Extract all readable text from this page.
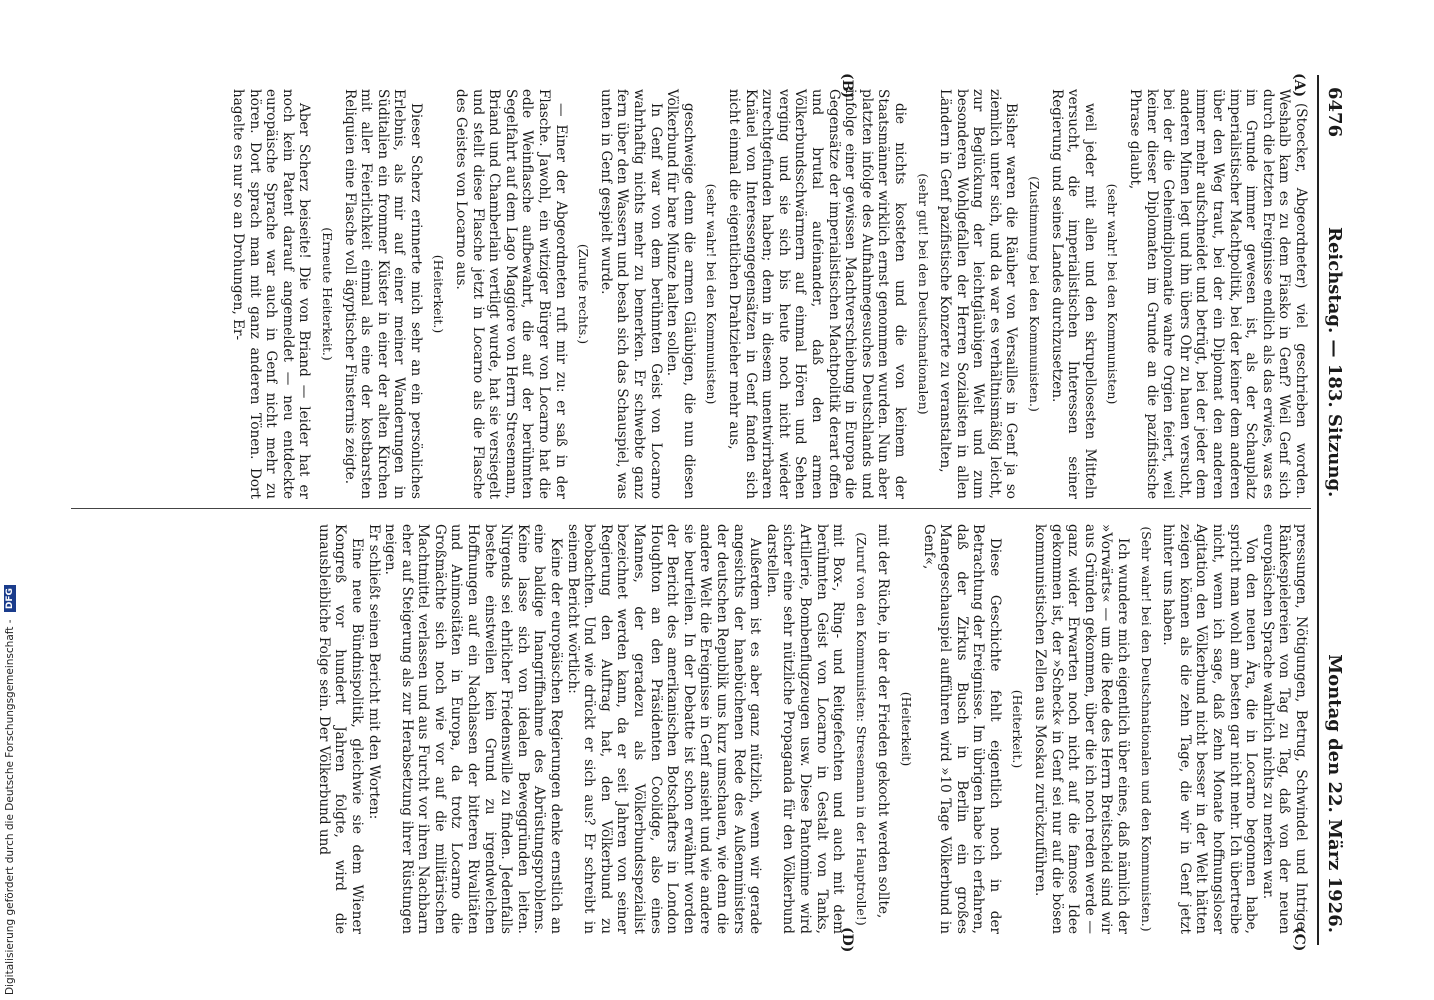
6476
Reichstag. — 183. Sitzung.
Montag den 22. März 1926.
(A)
(B)
(C)
(D)

(Stoecker, Abgeordneter) viel geschrieben worden. Weshalb kam es zu dem Fiasko in Genf? Weil Genf sich durch die letzten Ereignisse endlich als das erwies, was es im Grunde immer gewesen ist, als der Schauplatz imperialistischer Machtpolitik, bei der keiner dem anderen über den Weg traut, bei der ein Diplomat den anderen immer mehr aufschneidet und betrügt, bei der jeder dem anderen Minen legt und ihn übers Ohr zu hauen versucht, bei der die Geheimdiplomatie wahre Orgien feiert, weil keiner dieser Diplomaten im Grunde an die pazifistische Phrase glaubt,

(sehr wahr! bei den Kommunisten)

weil jeder mit allen und den skrupellosesten Mitteln versucht, die imperialistischen Interessen seiner Regierung und seines Landes durchzusetzen.

(Zustimmung bei den Kommunisten.)

Bisher waren die Räuber von Versailles in Genf ja so ziemlich unter sich, und da war es verhältnismäßig leicht, zur Beglückung der leichtgläubigen Welt und zum besonderen Wohlgefallen der Herren Sozialisten in allen Ländern in Genf pazifistische Konzerte zu veranstalten,

(sehr gut! bei den Deutschnationalen)

die nichts kosteten und die von keinem der Staatsmänner wirklich ernst genommen wurden. Nun aber platzten infolge des Aufnahmegesuches Deutschlands und infolge einer gewissen Machtverschiebung in Europa die Gegensätze der imperialistischen Machtpolitik derart offen und brutal aufeinander, daß den armen Völkerbundsschwärmern auf einmal Hören und Sehen verging und sie sich bis heute noch nicht wieder zurechtgefunden haben; denn in diesem unentwirrbaren Knäuel von Interessengegensätzen in Genf fanden sich nicht einmal die eigentlichen Drahtzieher mehr aus,

(sehr wahr! bei den Kommunisten)

geschweige denn die armen Gläubigen, die nun diesen Völkerbund für bare Münze halten sollen.

In Genf war von dem berühmten Geist von Locarno wahrhaftig nichts mehr zu bemerken. Er schwebte ganz fern über den Wassern und besah sich das Schauspiel, was unten in Genf gespielt wurde.

(Zurufe rechts.)

— Einer der Abgeordneten ruft mir zu: er saß in der Flasche. Jawohl, ein witziger Bürger von Locarno hat die edle Weinflasche aufbewahrt, die auf der berühmten Segelfahrt auf dem Lago Maggiore von Herrn Stresemann, Briand und Chamberlain vertilgt wurde, hat sie versiegelt und stellt diese Flasche jetzt in Locarno als die Flasche des Geistes von Locarno aus.

(Heiterkeit.)

Dieser Scherz erinnerte mich sehr an ein persönliches Erlebnis, als mir auf einer meiner Wanderungen in Süditalien ein frommer Küster in einer der alten Kirchen mit aller Feierlichkeit einmal als eine der kostbarsten Reliquien eine Flasche voll ägyptischer Finsternis zeigte.

(Erneute Heiterkeit.)

Aber Scherz beiseite! Die von Briand — leider hat er noch kein Patent darauf angemeldet — neu entdeckte europäische Sprache war auch in Genf nicht mehr zu hören. Dort sprach man mit ganz anderen Tönen. Dort hagelte es nur so an Drohungen, Er-

pressungen, Nötigungen, Betrug, Schwindel und Intrige, Ränkespielereien von Tag zu Tag, daß von der neuen europäischen Sprache wahrlich nichts zu merken war.

Von den neuen Ära, die in Locarno begonnen habe, spricht man wohl am besten gar nicht mehr. Ich übertreibe nicht, wenn ich sage, daß zehn Monate hoffnungsloser Agitation den Völkerbund nicht besser in der Welt hätten zeigen können als die zehn Tage, die wir in Genf jetzt hinter uns haben.

(Sehr wahr! bei den Deutschnationalen und den Kommunisten.)

Ich wundere mich eigentlich über eines, daß nämlich der »Vorwärts« — um die Rede des Herrn Breitscheid sind wir aus Gründen gekommen, über die ich noch reden werde — ganz wider Erwarten noch nicht auf die famose Idee gekommen ist, der »Scheck« in Genf sei nur auf die bösen kommunistischen Zellen aus Moskau zurückzuführen.

(Heiterkeit.)

Diese Geschichte fehlt eigentlich noch in der Betrachtung der Ereignisse. Im übrigen habe ich erfahren, daß der Zirkus Busch in Berlin ein großes Manegeschauspiel aufführen wird »10 Tage Völkerbund in Genf«,

(Heiterkeit)

mit der Rüche, in der der Frieden gekocht werden sollte,

(Zuruf von den Kommunisten: Stresemann in der Hauptrolle!)

mit Box-, Ring- und Reitgefechten und auch mit dem berühmten Geist von Locarno in Gestalt von Tanks, Artillerie, Bombenflugzeugen usw. Diese Pantomime wird sicher eine sehr nützliche Propaganda für den Völkerbund darstellen.

Außerdem ist es aber ganz nützlich, wenn wir gerade angesichts der hanebüchenen Rede des Außenministers der deutschen Republik uns kurz umschauen, wie denn die andere Welt die Ereignisse in Genf ansieht und wie andere sie beurteilen. In der Debatte ist schon erwähnt worden der Bericht des amerikanischen Botschafters in London Houghton an den Präsidenten Coolidge, also eines Mannes, der geradezu als Völkerbundsspezialist bezeichnet werden kann, da er seit Jahren von seiner Regierung den Auftrag hat, den Völkerbund zu beobachten. Und wie drückt er sich aus? Er schreibt in seinem Bericht wörtlich:

Keine der europäischen Regierungen denke ernstlich an eine baldige Inangriffnahme des Abrüstungsproblems. Keine lasse sich von idealen Beweggründen leiten. Nirgends sei ehrlicher Friedenswille zu finden. Jedenfalls bestehe einstweilen kein Grund zu irgendwelchen Hoffnungen auf ein Nachlassen der bitteren Rivalitäten und Animositäten in Europa, da trotz Locarno die Großmächte sich noch wie vor auf die militärischen Machtmittel verlassen und aus Furcht vor ihren Nachbarn eher auf Steigerung als zur Herabsetzung ihrer Rüstungen neigen.

Er schließt seinen Bericht mit den Worten:

Eine neue Bündnispolitik, gleichwie sie dem Wiener Kongreß vor hundert Jahren folgte, wird die unausbleibliche Folge sein. Der Völkerbund und

Digitalisierung gefördert durch die Deutsche Forschungsgemeinschaft - DFG
